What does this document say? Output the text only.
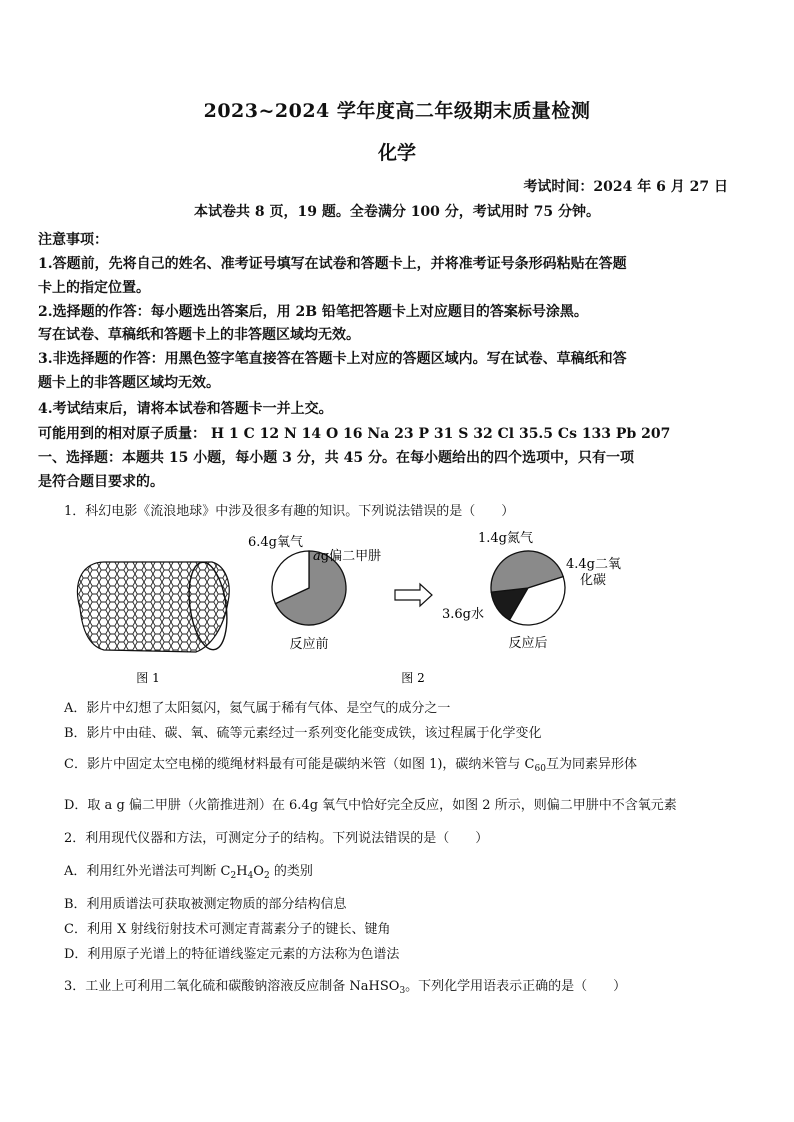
2023~2024 学年度高二年级期末质量检测
化学
考试时间：2024 年 6 月 27 日
本试卷共 8 页，19 题。全卷满分 100 分，考试用时 75 分钟。
注意事项：
1.答题前，先将自己的姓名、准考证号填写在试卷和答题卡上，并将准考证号条形码粘贴在答题
卡上的指定位置。
2.选择题的作答：每小题选出答案后，用 2B 铅笔把答题卡上对应题目的答案标号涂黑。
写在试卷、草稿纸和答题卡上的非答题区域均无效。
3.非选择题的作答：用黑色签字笔直接答在答题卡上对应的答题区域内。写在试卷、草稿纸和答
题卡上的非答题区域均无效。
4.考试结束后，请将本试卷和答题卡一并上交。
可能用到的相对原子质量： H 1 C 12 N 14 O 16 Na 23 P 31 S 32 Cl 35.5 Cs 133 Pb 207
一、选择题：本题共 15 小题，每小题 3 分，共 45 分。在每小题给出的四个选项中，只有一项
是符合题目要求的。
1．科幻电影《流浪地球》中涉及很多有趣的知识。下列说法错误的是（　　）
6.4g氧气
ag偏二甲肼
反应前
1.4g氮气
4.4g二氧
化碳
3.6g水
反应后
图 1	图 2
A．影片中幻想了太阳氦闪，氦气属于稀有气体、是空气的成分之一
B．影片中由硅、碳、氧、硫等元素经过一系列变化能变成铁，该过程属于化学变化
C．影片中固定太空电梯的缆绳材料最有可能是碳纳米管（如图 1)，碳纳米管与 $C_{60}$互为同素异形体
D．取 a g 偏二甲肼（火箭推进剂）在 6.4g 氧气中恰好完全反应，如图 2 所示，则偏二甲肼中不含氧元素
2．利用现代仪器和方法，可测定分子的结构。下列说法错误的是（　　）
A．利用红外光谱法可判断 $C_2H_4O_2$ 的类别
B．利用质谱法可获取被测定物质的部分结构信息
C．利用 X 射线衍射技术可测定青蒿素分子的键长、键角
D．利用原子光谱上的特征谱线鉴定元素的方法称为色谱法
3．工业上可利用二氧化硫和碳酸钠溶液反应制备 NaHSO$_3$。下列化学用语表示正确的是（　　）
